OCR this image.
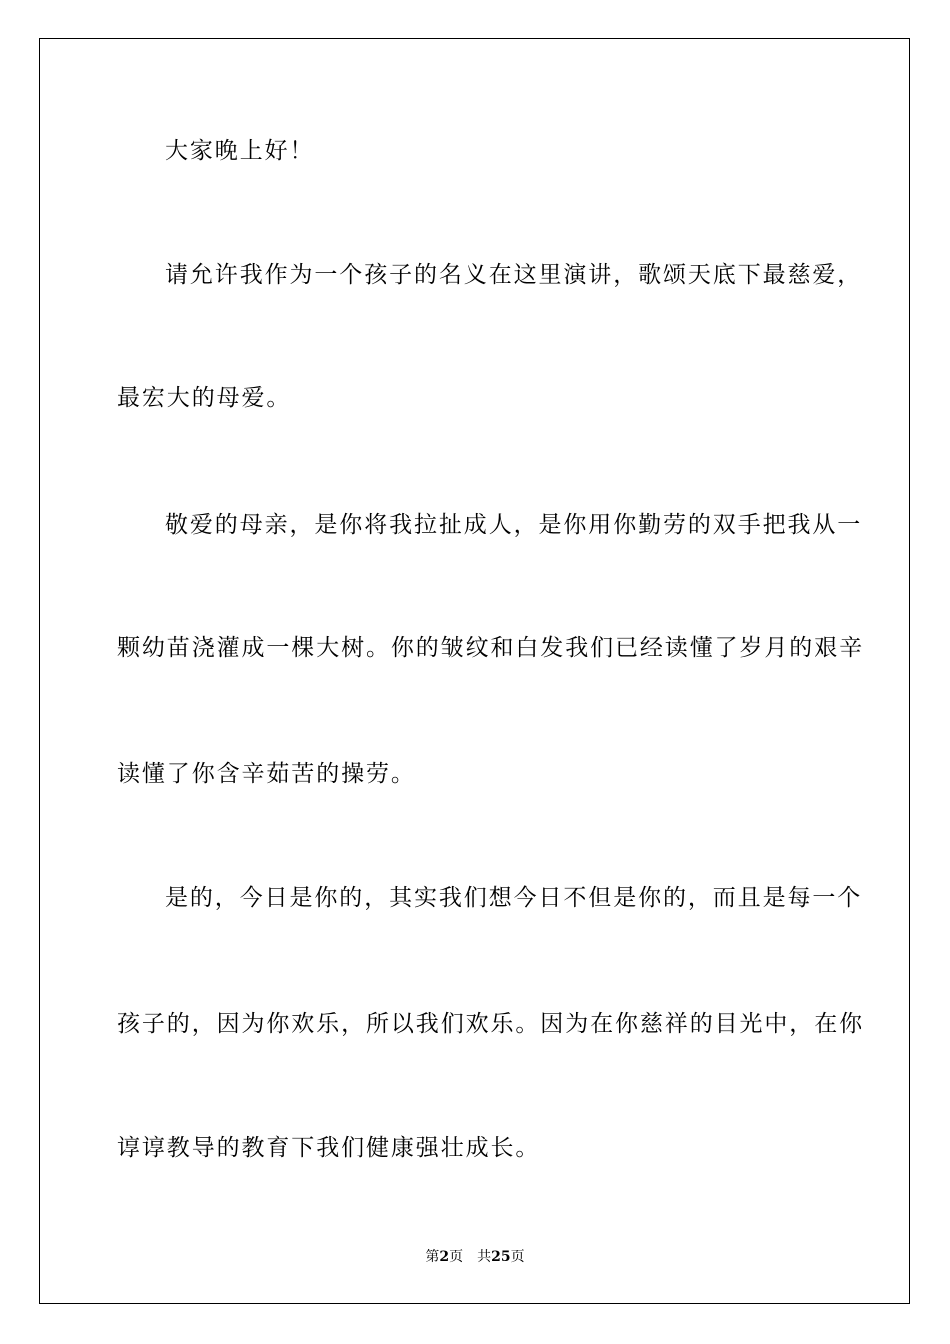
大家晚上好！
请允许我作为一个孩子的名义在这里演讲，歌颂天底下最慈爱，
最宏大的母爱。
敬爱的母亲，是你将我拉扯成人，是你用你勤劳的双手把我从一
颗幼苗浇灌成一棵大树。你的皱纹和白发我们已经读懂了岁月的艰辛
读懂了你含辛茹苦的操劳。
是的，今日是你的，其实我们想今日不但是你的，而且是每一个
孩子的，因为你欢乐，所以我们欢乐。因为在你慈祥的目光中，在你
谆谆教导的教育下我们健康强壮成长。
第2页 共25页
